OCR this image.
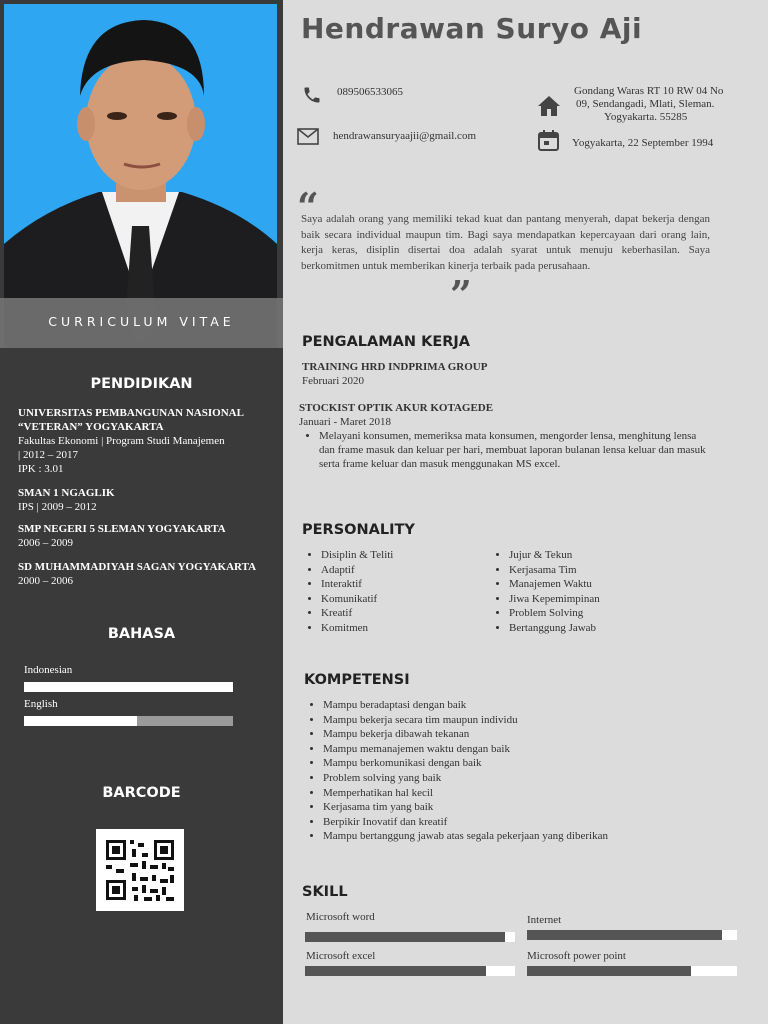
CURRICULUM VITAE
PENDIDIKAN
UNIVERSITAS PEMBANGUNAN NASIONAL
“VETERAN” YOGYAKARTA
Fakultas Ekonomi | Program Studi Manajemen
| 2012 – 2017
IPK : 3.01
SMAN 1 NGAGLIK
IPS | 2009 – 2012
SMP NEGERI 5 SLEMAN YOGYAKARTA
2006 – 2009
SD MUHAMMADIYAH SAGAN YOGYAKARTA
2000 – 2006
BAHASA
Indonesian
English
BARCODE
Hendrawan Suryo Aji
089506533065
hendrawansuryaajii@gmail.com
Gondang Waras RT 10 RW 04 No
09, Sendangadi, Mlati, Sleman.
Yogyakarta. 55285
Yogyakarta, 22 September 1994
“
Saya adalah orang yang memiliki tekad kuat dan pantang menyerah, dapat bekerja dengan baik secara individual maupun tim. Bagi saya mendapatkan kepercayaan dari orang lain, kerja keras, disiplin disertai doa adalah syarat untuk menuju keberhasilan. Saya berkomitmen untuk memberikan kinerja terbaik pada perusahaan.
”
PENGALAMAN KERJA
TRAINING HRD INDPRIMA GROUP
Februari 2020
STOCKIST OPTIK AKUR KOTAGEDE
Januari - Maret 2018
• Melayani konsumen, memeriksa mata konsumen, mengorder lensa, menghitung lensa dan frame masuk dan keluar per hari, membuat laporan bulanan lensa keluar dan masuk serta frame keluar dan masuk menggunakan MS excel.
PERSONALITY
• Disiplin & Teliti
• Adaptif
• Interaktif
• Komunikatif
• Kreatif
• Komitmen
• Jujur & Tekun
• Kerjasama Tim
• Manajemen Waktu
• Jiwa Kepemimpinan
• Problem Solving
• Bertanggung Jawab
KOMPETENSI
• Mampu beradaptasi dengan baik
• Mampu bekerja secara tim maupun individu
• Mampu bekerja dibawah tekanan
• Mampu memanajemen waktu dengan baik
• Mampu berkomunikasi dengan baik
• Problem solving yang baik
• Memperhatikan hal kecil
• Kerjasama tim yang baik
• Berpikir Inovatif dan kreatif
• Mampu bertanggung jawab atas segala pekerjaan yang diberikan
SKILL
Microsoft word	Internet
Microsoft excel	Microsoft power point
